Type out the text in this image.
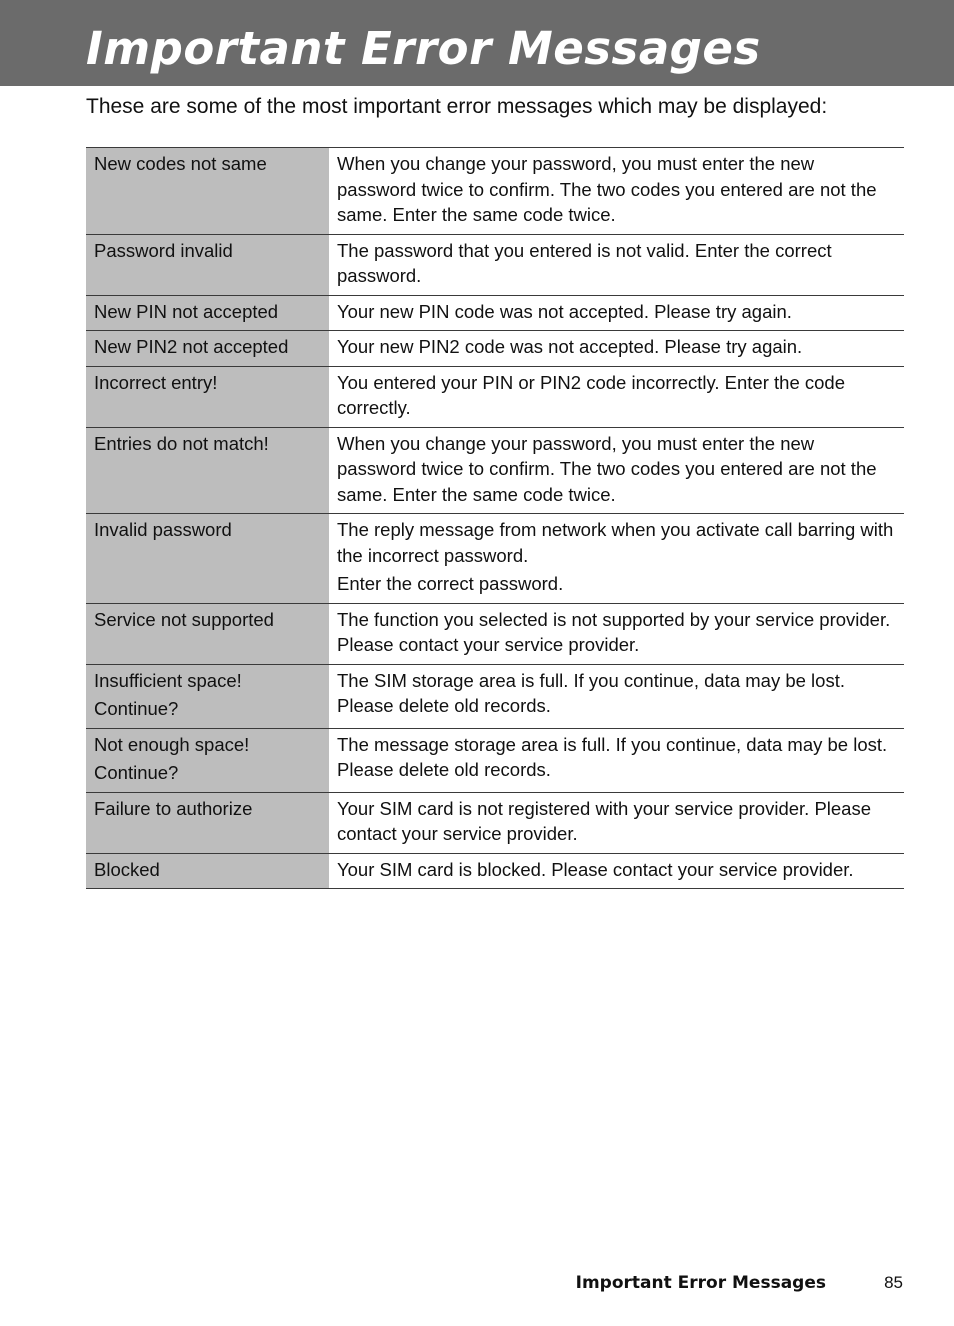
Important Error Messages

These are some of the most important error messages which may be displayed:

New codes not same	When you change your password, you must enter the new password twice to confirm. The two codes you entered are not the same. Enter the same code twice.

Password invalid	The password that you entered is not valid. Enter the correct password.

New PIN not accepted	Your new PIN code was not accepted. Please try again.

New PIN2 not accepted	Your new PIN2 code was not accepted. Please try again.

Incorrect entry!	You entered your PIN or PIN2 code incorrectly. Enter the code correctly.

Entries do not match!	When you change your password, you must enter the new password twice to confirm. The two codes you entered are not the same. Enter the same code twice.

Invalid password	The reply message from network when you activate call barring with the incorrect password.
Enter the correct password.

Service not supported	The function you selected is not supported by your service provider. Please contact your service provider.

Insufficient space!
Continue?	The SIM storage area is full. If you continue, data may be lost. Please delete old records.

Not enough space!
Continue?	The message storage area is full. If you continue, data may be lost. Please delete old records.

Failure to authorize	Your SIM card is not registered with your service provider. Please contact your service provider.

Blocked	Your SIM card is blocked. Please contact your service provider.
Important Error Messages	85
